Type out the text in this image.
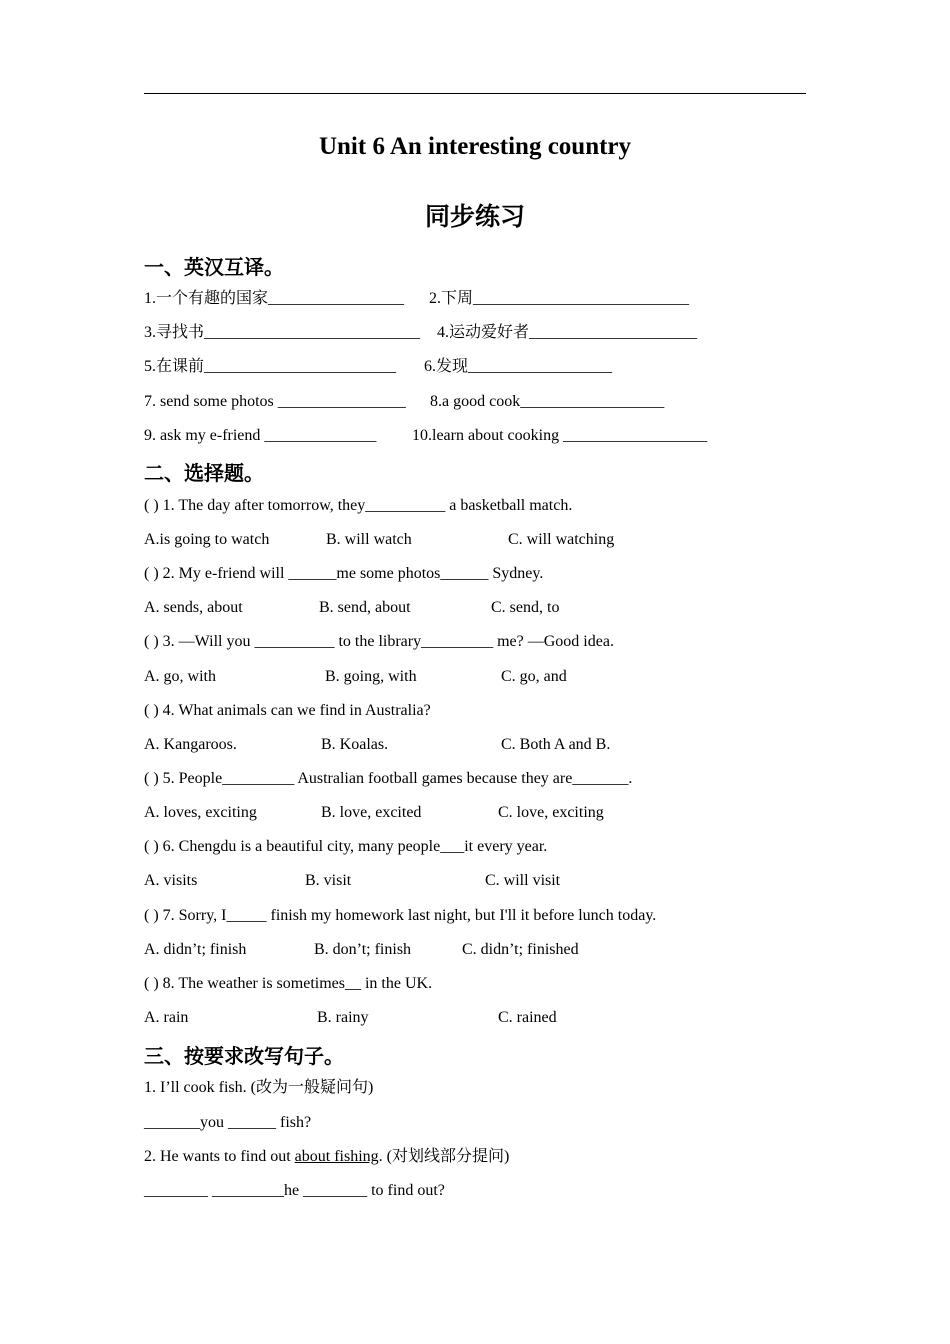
Unit 6 An interesting country
同步练习
一、英汉互译。
1.一个有趣的国家_________________ 2.下周___________________________
3.寻找书___________________________ 4.运动爱好者_____________________
5.在课前________________________ 6.发现__________________
7. send some photos ________________ 8.a good cook__________________
9. ask my e-friend ______________ 10.learn about cooking __________________
二、选择题。
( ) 1. The day after tomorrow, they__________ a basketball match.
A.is going to watch	B. will watch	C. will watching
( ) 2. My e-friend will ______me some photos______ Sydney.
A. sends, about	B. send, about	C. send, to
( ) 3. —Will you __________ to the library_________ me? —Good idea.
A. go, with	B. going, with	C. go, and
( ) 4. What animals can we find in Australia?
A. Kangaroos.	B. Koalas.	C. Both A and B.
( ) 5. People_________ Australian football games because they are_______.
A. loves, exciting	B. love, excited	C. love, exciting
( ) 6. Chengdu is a beautiful city, many people___it every year.
A. visits	B. visit	C. will visit
( ) 7. Sorry, I_____ finish my homework last night, but I'll it before lunch today.
A. didn’t; finish	B. don’t; finish	C. didn’t; finished
( ) 8. The weather is sometimes__ in the UK.
A. rain	B. rainy	C. rained
三、按要求改写句子。
1. I’ll cook fish. (改为一般疑问句)
_______you ______ fish?
2. He wants to find out about fishing. (对划线部分提问)
________ _________he ________ to find out?
